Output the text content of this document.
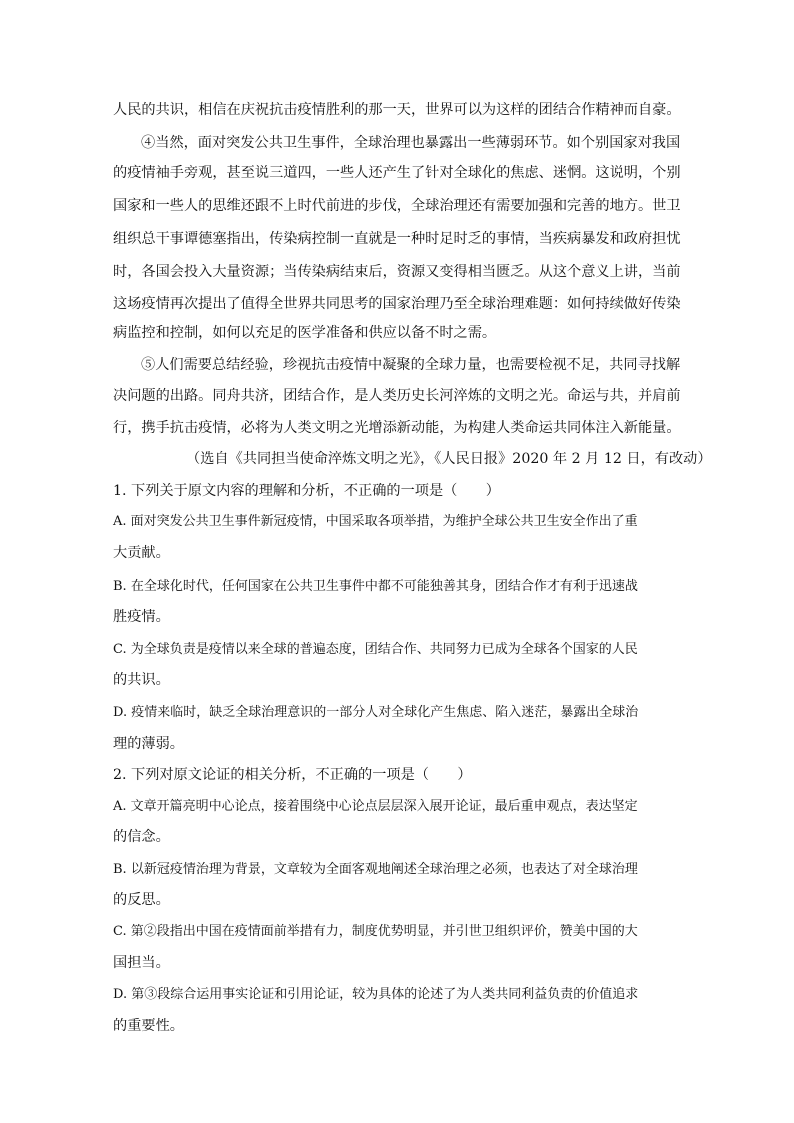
人民的共识，相信在庆祝抗击疫情胜利的那一天，世界可以为这样的团结合作精神而自豪。
④当然，面对突发公共卫生事件，全球治理也暴露出一些薄弱环节。如个别国家对我国
的疫情袖手旁观，甚至说三道四，一些人还产生了针对全球化的焦虑、迷惘。这说明，个别
国家和一些人的思维还跟不上时代前进的步伐，全球治理还有需要加强和完善的地方。世卫
组织总干事谭德塞指出，传染病控制一直就是一种时足时乏的事情，当疾病暴发和政府担忧
时，各国会投入大量资源；当传染病结束后，资源又变得相当匮乏。从这个意义上讲，当前
这场疫情再次提出了值得全世界共同思考的国家治理乃至全球治理难题：如何持续做好传染
病监控和控制，如何以充足的医学准备和供应以备不时之需。
⑤人们需要总结经验，珍视抗击疫情中凝聚的全球力量，也需要检视不足，共同寻找解
决问题的出路。同舟共济，团结合作，是人类历史长河淬炼的文明之光。命运与共，并肩前
行，携手抗击疫情，必将为人类文明之光增添新动能，为构建人类命运共同体注入新能量。
（选自《共同担当使命淬炼文明之光》，《人民日报》2020 年 2 月 12 日，有改动）
1. 下列关于原文内容的理解和分析，不正确的一项是（　　）
A. 面对突发公共卫生事件新冠疫情，中国采取各项举措，为维护全球公共卫生安全作出了重
大贡献。
B. 在全球化时代，任何国家在公共卫生事件中都不可能独善其身，团结合作才有利于迅速战
胜疫情。
C. 为全球负责是疫情以来全球的普遍态度，团结合作、共同努力已成为全球各个国家的人民
的共识。
D. 疫情来临时，缺乏全球治理意识的一部分人对全球化产生焦虑、陷入迷茫，暴露出全球治
理的薄弱。
2. 下列对原文论证的相关分析，不正确的一项是（　　）
A. 文章开篇亮明中心论点，接着围绕中心论点层层深入展开论证，最后重申观点，表达坚定
的信念。
B. 以新冠疫情治理为背景，文章较为全面客观地阐述全球治理之必须，也表达了对全球治理
的反思。
C. 第②段指出中国在疫情面前举措有力，制度优势明显，并引世卫组织评价，赞美中国的大
国担当。
D. 第③段综合运用事实论证和引用论证，较为具体的论述了为人类共同利益负责的价值追求
的重要性。
